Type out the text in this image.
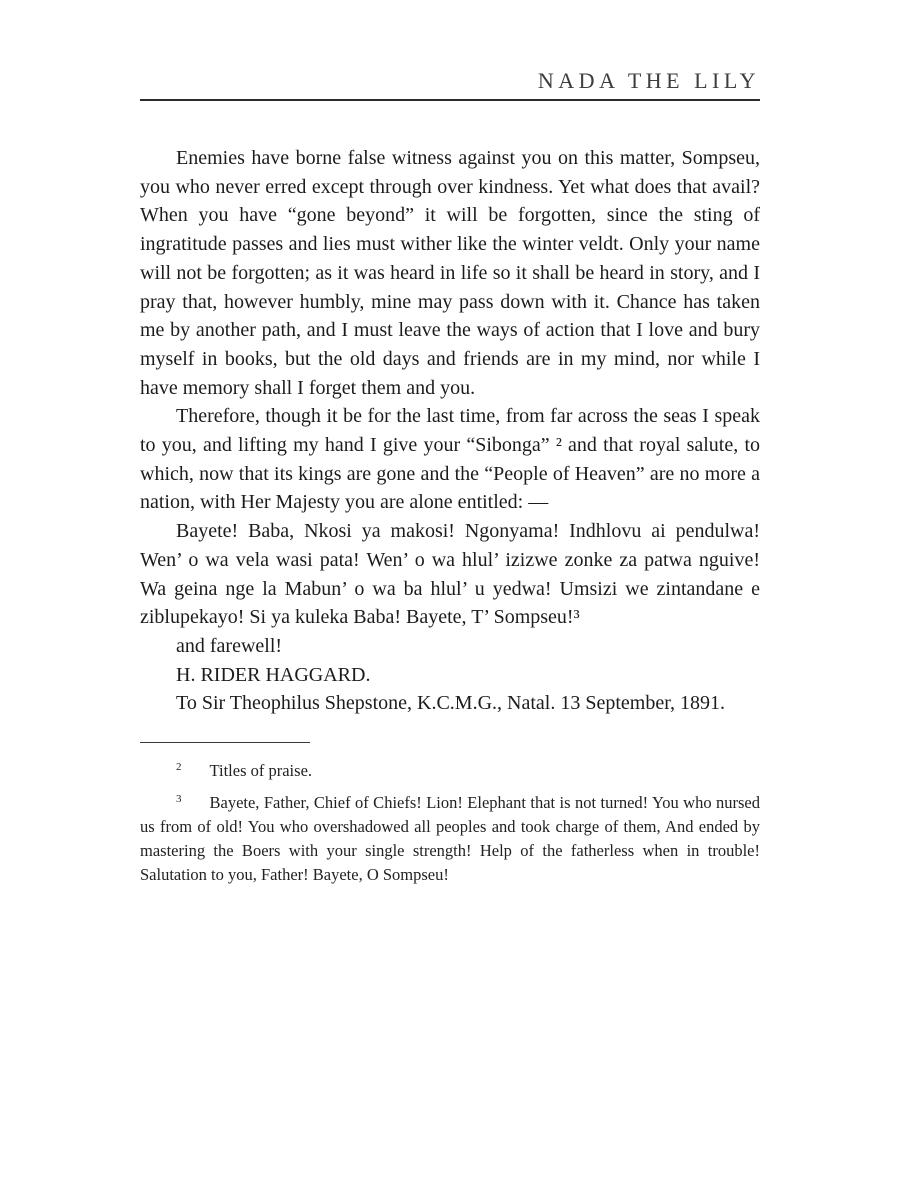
NADA THE LILY

Enemies have borne false witness against you on this matter, Sompseu, you who never erred except through over kindness. Yet what does that avail? When you have “gone beyond” it will be forgotten, since the sting of ingratitude passes and lies must wither like the winter veldt. Only your name will not be forgotten; as it was heard in life so it shall be heard in story, and I pray that, however humbly, mine may pass down with it. Chance has taken me by another path, and I must leave the ways of action that I love and bury myself in books, but the old days and friends are in my mind, nor while I have memory shall I forget them and you.

Therefore, though it be for the last time, from far across the seas I speak to you, and lifting my hand I give your “Sibonga” ² and that royal salute, to which, now that its kings are gone and the “People of Heaven” are no more a nation, with Her Majesty you are alone entitled: —

Bayete! Baba, Nkosi ya makosi! Ngonyama! Indhlovu ai pendulwa! Wen’ o wa vela wasi pata! Wen’ o wa hlul’ izizwe zonke za patwa nguive! Wa geina nge la Mabun’ o wa ba hlul’ u yedwa! Umsizi we zintandane e ziblupekayo! Si ya kuleka Baba! Bayete, T’ Sompseu!³

and farewell!

H. RIDER HAGGARD.

To Sir Theophilus Shepstone, K.C.M.G., Natal. 13 September, 1891.

$^2$ Titles of praise.

$^3$ Bayete, Father, Chief of Chiefs! Lion! Elephant that is not turned! You who nursed us from of old! You who overshadowed all peoples and took charge of them, And ended by mastering the Boers with your single strength! Help of the fatherless when in trouble! Salutation to you, Father! Bayete, O Sompseu!
